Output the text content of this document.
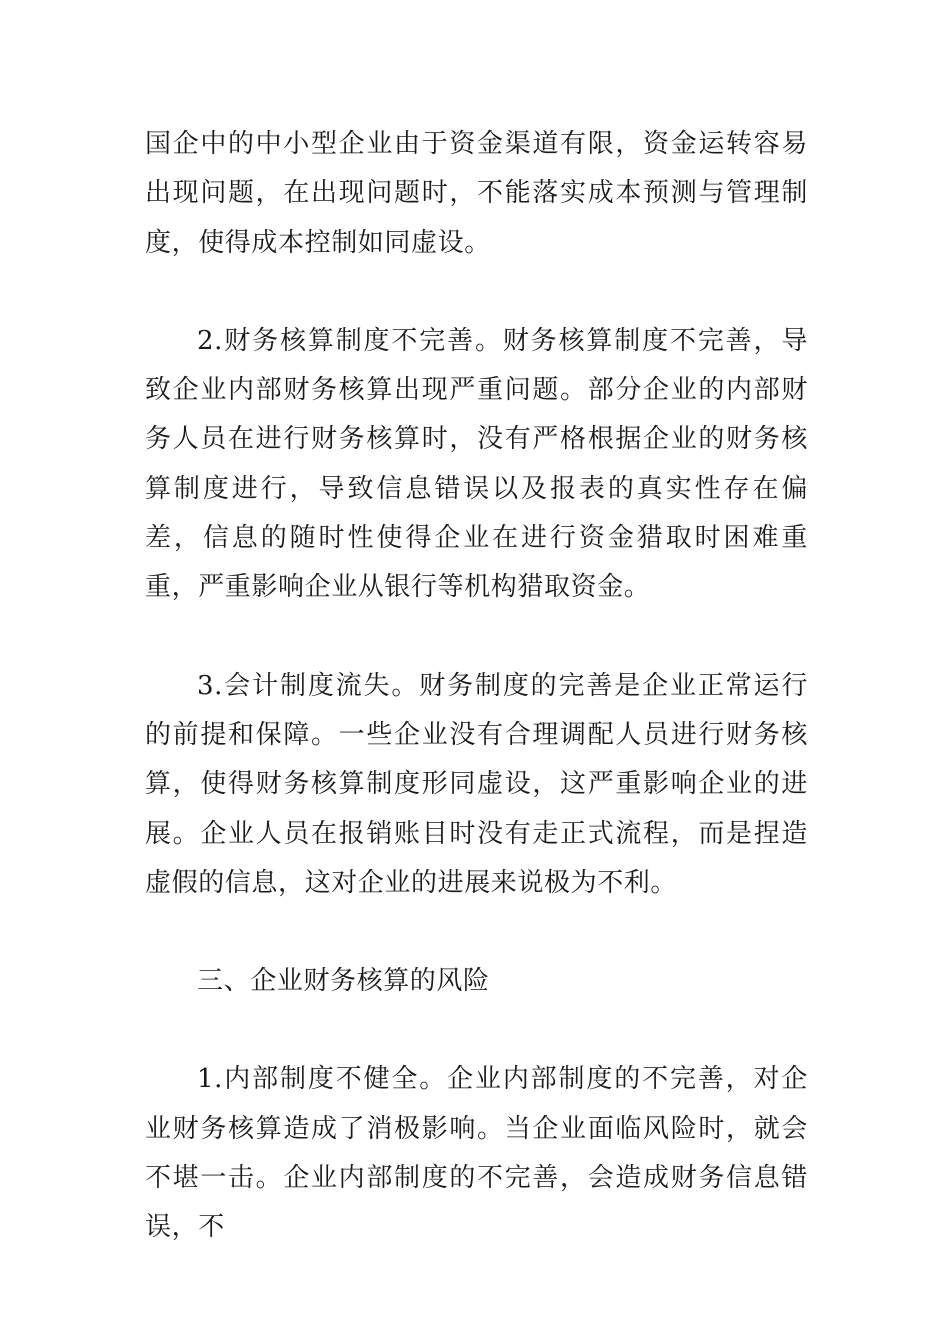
国企中的中小型企业由于资金渠道有限，资金运转容易出现问题，在出现问题时，不能落实成本预测与管理制度，使得成本控制如同虚设。

2.财务核算制度不完善。财务核算制度不完善，导致企业内部财务核算出现严重问题。部分企业的内部财务人员在进行财务核算时，没有严格根据企业的财务核算制度进行，导致信息错误以及报表的真实性存在偏差，信息的随时性使得企业在进行资金猎取时困难重重，严重影响企业从银行等机构猎取资金。

3.会计制度流失。财务制度的完善是企业正常运行的前提和保障。一些企业没有合理调配人员进行财务核算，使得财务核算制度形同虚设，这严重影响企业的进展。企业人员在报销账目时没有走正式流程，而是捏造虚假的信息，这对企业的进展来说极为不利。

三、企业财务核算的风险

1.内部制度不健全。企业内部制度的不完善，对企业财务核算造成了消极影响。当企业面临风险时，就会不堪一击。企业内部制度的不完善，会造成财务信息错误，不
